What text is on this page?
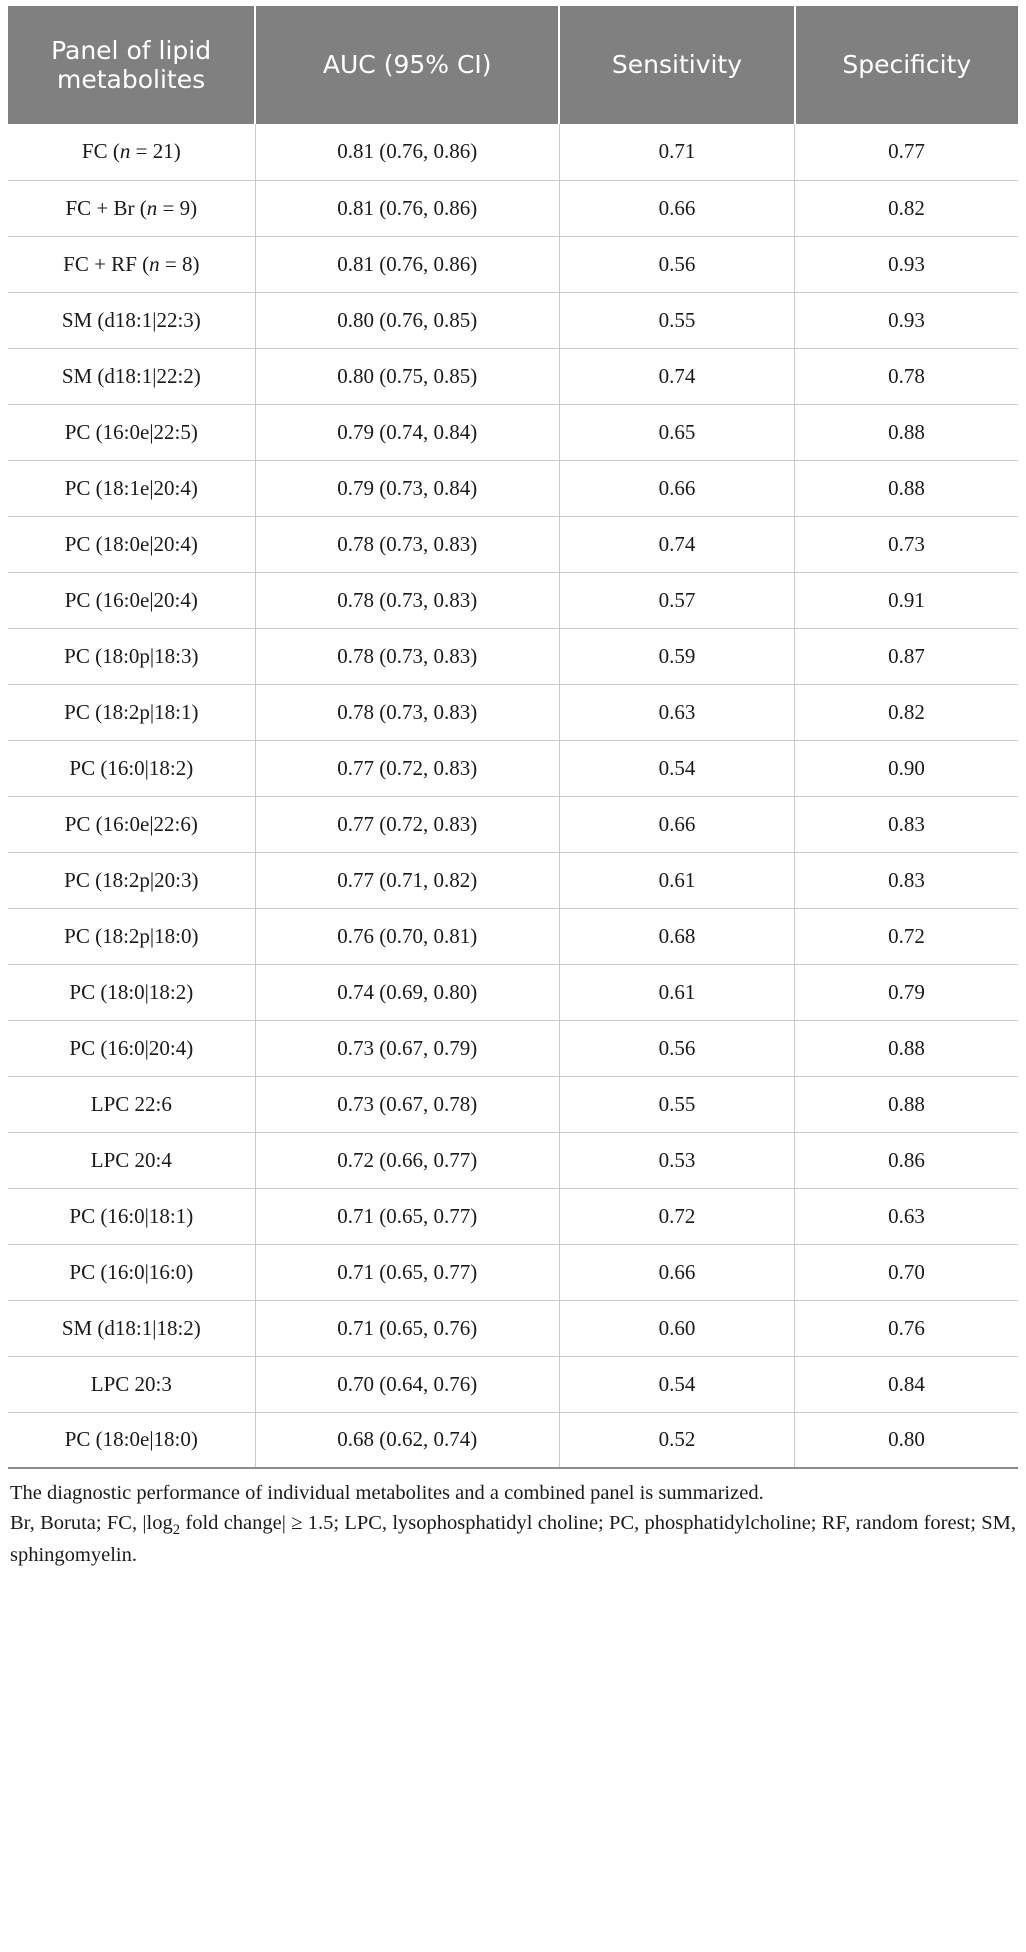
Panel of lipid metabolites	AUC (95% CI)	Sensitivity	Specificity
FC (n = 21)	0.81 (0.76, 0.86)	0.71	0.77
FC + Br (n = 9)	0.81 (0.76, 0.86)	0.66	0.82
FC + RF (n = 8)	0.81 (0.76, 0.86)	0.56	0.93
SM (d18:1|22:3)	0.80 (0.76, 0.85)	0.55	0.93
SM (d18:1|22:2)	0.80 (0.75, 0.85)	0.74	0.78
PC (16:0e|22:5)	0.79 (0.74, 0.84)	0.65	0.88
PC (18:1e|20:4)	0.79 (0.73, 0.84)	0.66	0.88
PC (18:0e|20:4)	0.78 (0.73, 0.83)	0.74	0.73
PC (16:0e|20:4)	0.78 (0.73, 0.83)	0.57	0.91
PC (18:0p|18:3)	0.78 (0.73, 0.83)	0.59	0.87
PC (18:2p|18:1)	0.78 (0.73, 0.83)	0.63	0.82
PC (16:0|18:2)	0.77 (0.72, 0.83)	0.54	0.90
PC (16:0e|22:6)	0.77 (0.72, 0.83)	0.66	0.83
PC (18:2p|20:3)	0.77 (0.71, 0.82)	0.61	0.83
PC (18:2p|18:0)	0.76 (0.70, 0.81)	0.68	0.72
PC (18:0|18:2)	0.74 (0.69, 0.80)	0.61	0.79
PC (16:0|20:4)	0.73 (0.67, 0.79)	0.56	0.88
LPC 22:6	0.73 (0.67, 0.78)	0.55	0.88
LPC 20:4	0.72 (0.66, 0.77)	0.53	0.86
PC (16:0|18:1)	0.71 (0.65, 0.77)	0.72	0.63
PC (16:0|16:0)	0.71 (0.65, 0.77)	0.66	0.70
SM (d18:1|18:2)	0.71 (0.65, 0.76)	0.60	0.76
LPC 20:3	0.70 (0.64, 0.76)	0.54	0.84
PC (18:0e|18:0)	0.68 (0.62, 0.74)	0.52	0.80

The diagnostic performance of individual metabolites and a combined panel is summarized.

Br, Boruta; FC, $|\log_2$ fold change| ≥ 1.5; LPC, lysophosphatidyl choline; PC, phosphatidylcholine; RF, random forest; SM, sphingomyelin.
